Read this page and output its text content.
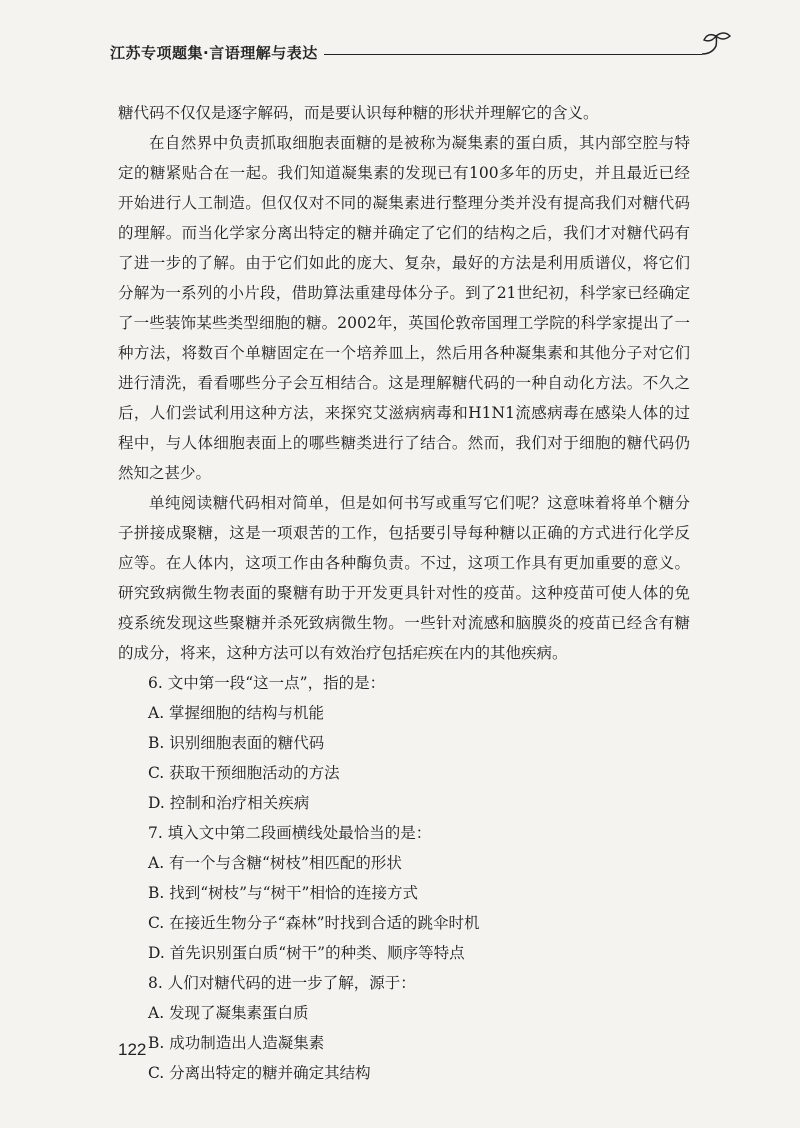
江苏专项题集·言语理解与表达

糖代码不仅仅是逐字解码，而是要认识每种糖的形状并理解它的含义。

在自然界中负责抓取细胞表面糖的是被称为凝集素的蛋白质，其内部空腔与特定的糖紧贴合在一起。我们知道凝集素的发现已有100多年的历史，并且最近已经开始进行人工制造。但仅仅对不同的凝集素进行整理分类并没有提高我们对糖代码的理解。而当化学家分离出特定的糖并确定了它们的结构之后，我们才对糖代码有了进一步的了解。由于它们如此的庞大、复杂，最好的方法是利用质谱仪，将它们分解为一系列的小片段，借助算法重建母体分子。到了21世纪初，科学家已经确定了一些装饰某些类型细胞的糖。2002年，英国伦敦帝国理工学院的科学家提出了一种方法，将数百个单糖固定在一个培养皿上，然后用各种凝集素和其他分子对它们进行清洗，看看哪些分子会互相结合。这是理解糖代码的一种自动化方法。不久之后，人们尝试利用这种方法，来探究艾滋病病毒和H1N1流感病毒在感染人体的过程中，与人体细胞表面上的哪些糖类进行了结合。然而，我们对于细胞的糖代码仍然知之甚少。

单纯阅读糖代码相对简单，但是如何书写或重写它们呢？这意味着将单个糖分子拼接成聚糖，这是一项艰苦的工作，包括要引导每种糖以正确的方式进行化学反应等。在人体内，这项工作由各种酶负责。不过，这项工作具有更加重要的意义。研究致病微生物表面的聚糖有助于开发更具针对性的疫苗。这种疫苗可使人体的免疫系统发现这些聚糖并杀死致病微生物。一些针对流感和脑膜炎的疫苗已经含有糖的成分，将来，这种方法可以有效治疗包括疟疾在内的其他疾病。

6. 文中第一段“这一点”，指的是：

A. 掌握细胞的结构与机能

B. 识别细胞表面的糖代码

C. 获取干预细胞活动的方法

D. 控制和治疗相关疾病

7. 填入文中第二段画横线处最恰当的是：

A. 有一个与含糖“树枝”相匹配的形状

B. 找到“树枝”与“树干”相恰的连接方式

C. 在接近生物分子“森林”时找到合适的跳伞时机

D. 首先识别蛋白质“树干”的种类、顺序等特点

8. 人们对糖代码的进一步了解，源于：

A. 发现了凝集素蛋白质

B. 成功制造出人造凝集素

C. 分离出特定的糖并确定其结构

122
